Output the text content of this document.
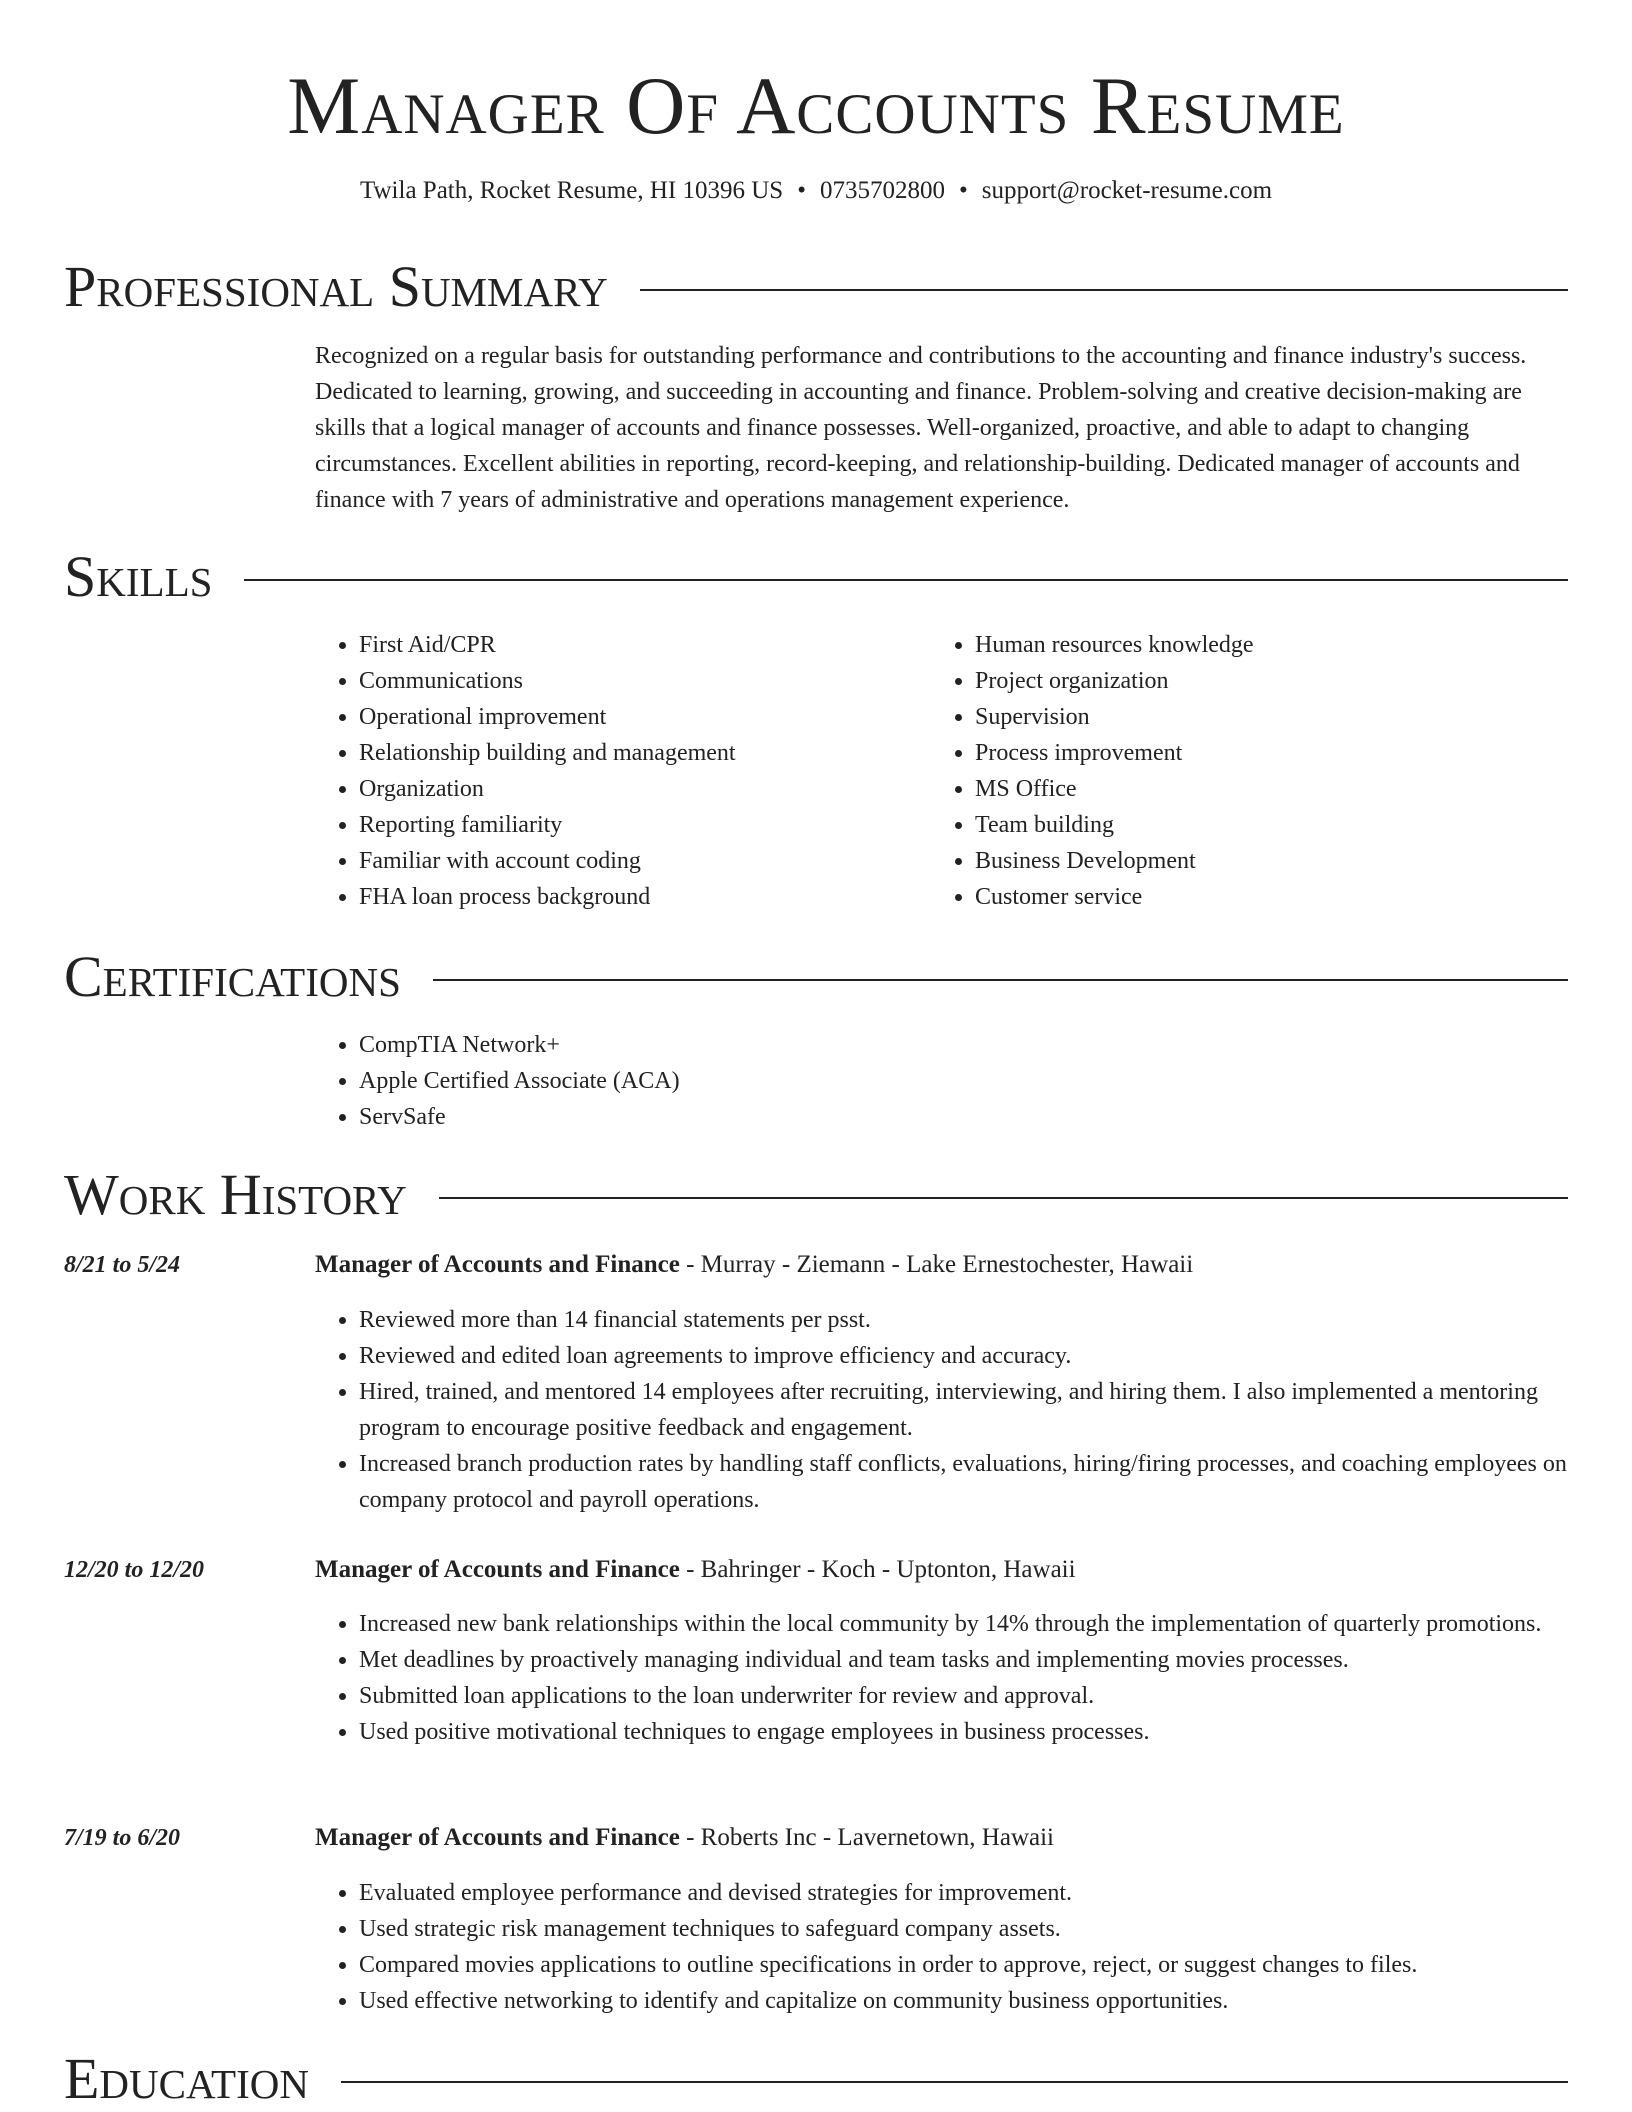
Manager Of Accounts Resume
Twila Path, Rocket Resume, HI 10396 US • 0735702800 • support@rocket-resume.com
Professional Summary
Recognized on a regular basis for outstanding performance and contributions to the accounting and finance industry's success. Dedicated to learning, growing, and succeeding in accounting and finance. Problem-solving and creative decision-making are skills that a logical manager of accounts and finance possesses. Well-organized, proactive, and able to adapt to changing circumstances. Excellent abilities in reporting, record-keeping, and relationship-building. Dedicated manager of accounts and finance with 7 years of administrative and operations management experience.
Skills
• First Aid/CPR
• Communications
• Operational improvement
• Relationship building and management
• Organization
• Reporting familiarity
• Familiar with account coding
• FHA loan process background
• Human resources knowledge
• Project organization
• Supervision
• Process improvement
• MS Office
• Team building
• Business Development
• Customer service
Certifications
• CompTIA Network+
• Apple Certified Associate (ACA)
• ServSafe
Work History
8/21 to 5/24	Manager of Accounts and Finance - Murray - Ziemann - Lake Ernestochester, Hawaii
• Reviewed more than 14 financial statements per psst.
• Reviewed and edited loan agreements to improve efficiency and accuracy.
• Hired, trained, and mentored 14 employees after recruiting, interviewing, and hiring them. I also implemented a mentoring program to encourage positive feedback and engagement.
• Increased branch production rates by handling staff conflicts, evaluations, hiring/firing processes, and coaching employees on company protocol and payroll operations.
12/20 to 12/20	Manager of Accounts and Finance - Bahringer - Koch - Uptonton, Hawaii
• Increased new bank relationships within the local community by 14% through the implementation of quarterly promotions.
• Met deadlines by proactively managing individual and team tasks and implementing movies processes.
• Submitted loan applications to the loan underwriter for review and approval.
• Used positive motivational techniques to engage employees in business processes.
7/19 to 6/20	Manager of Accounts and Finance - Roberts Inc - Lavernetown, Hawaii
• Evaluated employee performance and devised strategies for improvement.
• Used strategic risk management techniques to safeguard company assets.
• Compared movies applications to outline specifications in order to approve, reject, or suggest changes to files.
• Used effective networking to identify and capitalize on community business opportunities.
Education
